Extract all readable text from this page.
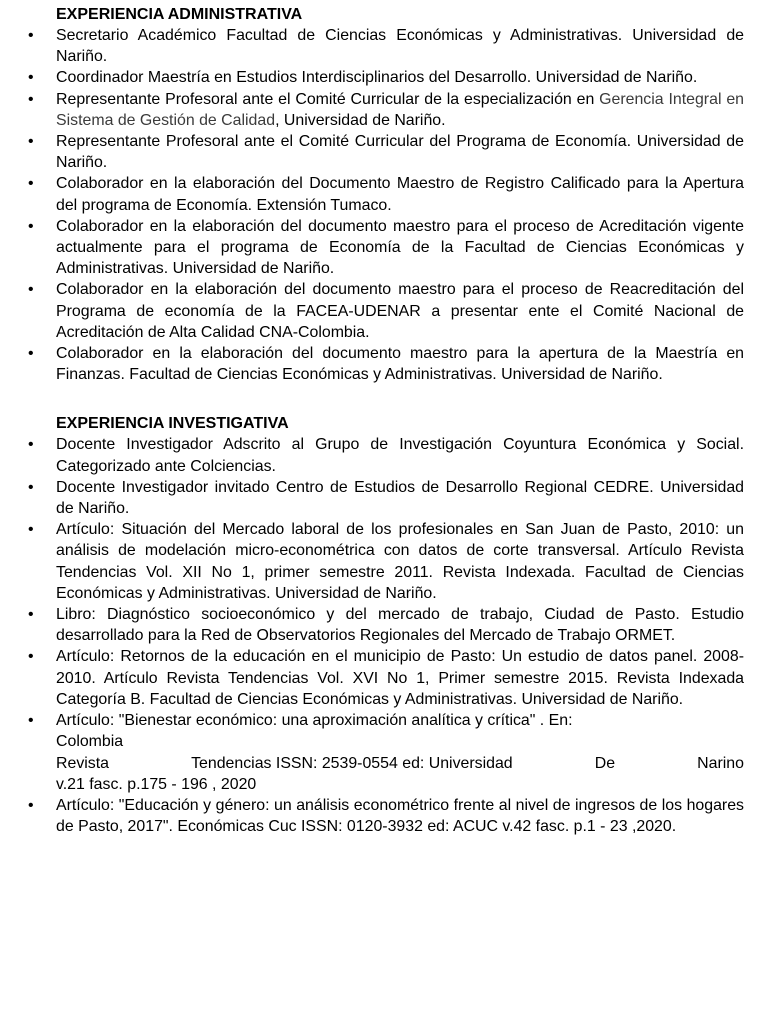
EXPERIENCIA ADMINISTRATIVA
• Secretario Académico Facultad de Ciencias Económicas y Administrativas. Universidad de Nariño.
• Coordinador Maestría en Estudios Interdisciplinarios del Desarrollo. Universidad de Nariño.
• Representante Profesoral ante el Comité Curricular de la especialización en Gerencia Integral en Sistema de Gestión de Calidad, Universidad de Nariño.
• Representante Profesoral ante el Comité Curricular del Programa de Economía. Universidad de Nariño.
• Colaborador en la elaboración del Documento Maestro de Registro Calificado para la Apertura del programa de Economía. Extensión Tumaco.
• Colaborador en la elaboración del documento maestro para el proceso de Acreditación vigente actualmente para el programa de Economía de la Facultad de Ciencias Económicas y Administrativas. Universidad de Nariño.
• Colaborador en la elaboración del documento maestro para el proceso de Reacreditación del Programa de economía de la FACEA-UDENAR a presentar ente el Comité Nacional de Acreditación de Alta Calidad CNA-Colombia.
• Colaborador en la elaboración del documento maestro para la apertura de la Maestría en Finanzas. Facultad de Ciencias Económicas y Administrativas. Universidad de Nariño.
EXPERIENCIA INVESTIGATIVA
• Docente Investigador Adscrito al Grupo de Investigación Coyuntura Económica y Social. Categorizado ante Colciencias.
• Docente Investigador invitado Centro de Estudios de Desarrollo Regional CEDRE. Universidad de Nariño.
• Artículo: Situación del Mercado laboral de los profesionales en San Juan de Pasto, 2010: un análisis de modelación micro-econométrica con datos de corte transversal. Artículo Revista Tendencias Vol. XII No 1, primer semestre 2011. Revista Indexada. Facultad de Ciencias Económicas y Administrativas. Universidad de Nariño.
• Libro: Diagnóstico socioeconómico y del mercado de trabajo, Ciudad de Pasto. Estudio desarrollado para la Red de Observatorios Regionales del Mercado de Trabajo ORMET.
• Artículo: Retornos de la educación en el municipio de Pasto: Un estudio de datos panel. 2008-2010. Artículo Revista Tendencias Vol. XVI No 1, Primer semestre 2015. Revista Indexada Categoría B. Facultad de Ciencias Económicas y Administrativas. Universidad de Nariño.
• Artículo: "Bienestar económico: una aproximación analítica y crítica" . En:
Colombia
Revista	Tendencias ISSN: 2539-0554 ed: Universidad	De	Narino
v.21 fasc. p.175 - 196 , 2020
• Artículo: "Educación y género: un análisis econométrico frente al nivel de ingresos de los hogares de Pasto, 2017". Económicas Cuc ISSN: 0120-3932 ed: ACUC v.42 fasc. p.1 - 23 ,2020.
